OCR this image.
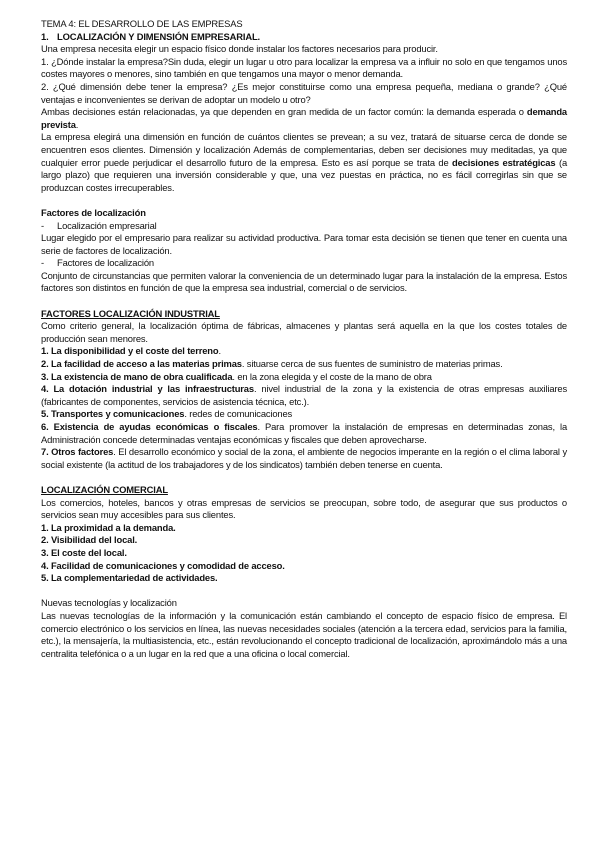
TEMA 4: EL DESARROLLO DE LAS EMPRESAS

1. LOCALIZACIÓN Y DIMENSIÓN EMPRESARIAL.

Una empresa necesita elegir un espacio físico donde instalar los factores necesarios para producir.

1. ¿Dónde instalar la empresa?Sin duda, elegir un lugar u otro para localizar la empresa va a influir no solo en que tengamos unos costes mayores o menores, sino también en que tengamos una mayor o menor demanda.

2. ¿Qué dimensión debe tener la empresa? ¿Es mejor constituirse como una empresa pequeña, mediana o grande? ¿Qué ventajas e inconvenientes se derivan de adoptar un modelo u otro?

Ambas decisiones están relacionadas, ya que dependen en gran medida de un factor común: la demanda esperada o demanda prevista.

La empresa elegirá una dimensión en función de cuántos clientes se prevean; a su vez, tratará de situarse cerca de donde se encuentren esos clientes. Dimensión y localización Además de complementarias, deben ser decisiones muy meditadas, ya que cualquier error puede perjudicar el desarrollo futuro de la empresa. Esto es así porque se trata de decisiones estratégicas (a largo plazo) que requieren una inversión considerable y que, una vez puestas en práctica, no es fácil corregirlas sin que se produzcan costes irrecuperables.

Factores de localización

- Localización empresarial

Lugar elegido por el empresario para realizar su actividad productiva. Para tomar esta decisión se tienen que tener en cuenta una serie de factores de localización.

- Factores de localización

Conjunto de circunstancias que permiten valorar la conveniencia de un determinado lugar para la instalación de la empresa. Estos factores son distintos en función de que la empresa sea industrial, comercial o de servicios.

FACTORES LOCALIZACIÓN INDUSTRIAL

Como criterio general, la localización óptima de fábricas, almacenes y plantas será aquella en la que los costes totales de producción sean menores.

1. La disponibilidad y el coste del terreno.

2. La facilidad de acceso a las materias primas. situarse cerca de sus fuentes de suministro de materias primas.

3. La existencia de mano de obra cualificada. en la zona elegida y el coste de la mano de obra

4. La dotación industrial y las infraestructuras. nivel industrial de la zona y la existencia de otras empresas auxiliares (fabricantes de componentes, servicios de asistencia técnica, etc.).

5. Transportes y comunicaciones. redes de comunicaciones

6. Existencia de ayudas económicas o fiscales. Para promover la instalación de empresas en determinadas zonas, la Administración concede determinadas ventajas económicas y fiscales que deben aprovecharse.

7. Otros factores. El desarrollo económico y social de la zona, el ambiente de negocios imperante en la región o el clima laboral y social existente (la actitud de los trabajadores y de los sindicatos) también deben tenerse en cuenta.

LOCALIZACIÓN COMERCIAL

Los comercios, hoteles, bancos y otras empresas de servicios se preocupan, sobre todo, de asegurar que sus productos o servicios sean muy accesibles para sus clientes.

1. La proximidad a la demanda.

2. Visibilidad del local.

3. El coste del local.

4. Facilidad de comunicaciones y comodidad de acceso.

5. La complementariedad de actividades.

Nuevas tecnologías y localización

Las nuevas tecnologías de la información y la comunicación están cambiando el concepto de espacio físico de empresa. El comercio electrónico o los servicios en línea, las nuevas necesidades sociales (atención a la tercera edad, servicios para la familia, etc.), la mensajería, la multiasistencia, etc., están revolucionando el concepto tradicional de localización, aproximándolo más a una centralita telefónica o a un lugar en la red que a una oficina o local comercial.
